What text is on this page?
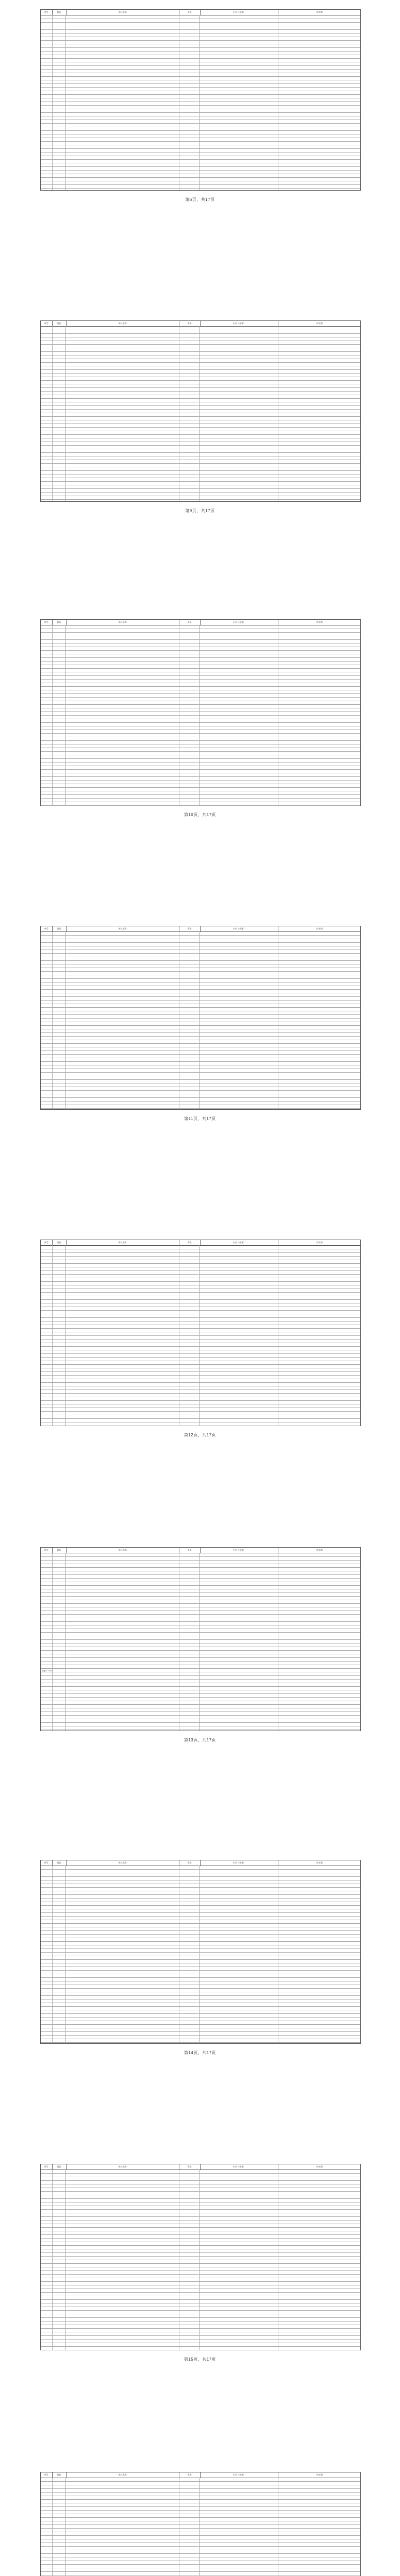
序号	地区	单位名称	资质	专业（业务）	有效期
第6页，共17页
序号	地区	单位名称	资质	专业（业务）	有效期
第9页，共17页
序号	地区	单位名称	资质	专业（业务）	有效期
第10页，共17页
序号	地区	单位名称	资质	专业（业务）	有效期
第11页，共17页
序号	地区	单位名称	资质	专业（业务）	有效期
第12页，共17页
序号	地区	单位名称	资质	专业（业务）	有效期
福建省（34项）
第13页，共17页
序号	地区	单位名称	资质	专业（业务）	有效期
第14页，共17页
序号	地区	单位名称	资质	专业（业务）	有效期
第15页，共17页
序号	地区	单位名称	资质	专业（业务）	有效期
